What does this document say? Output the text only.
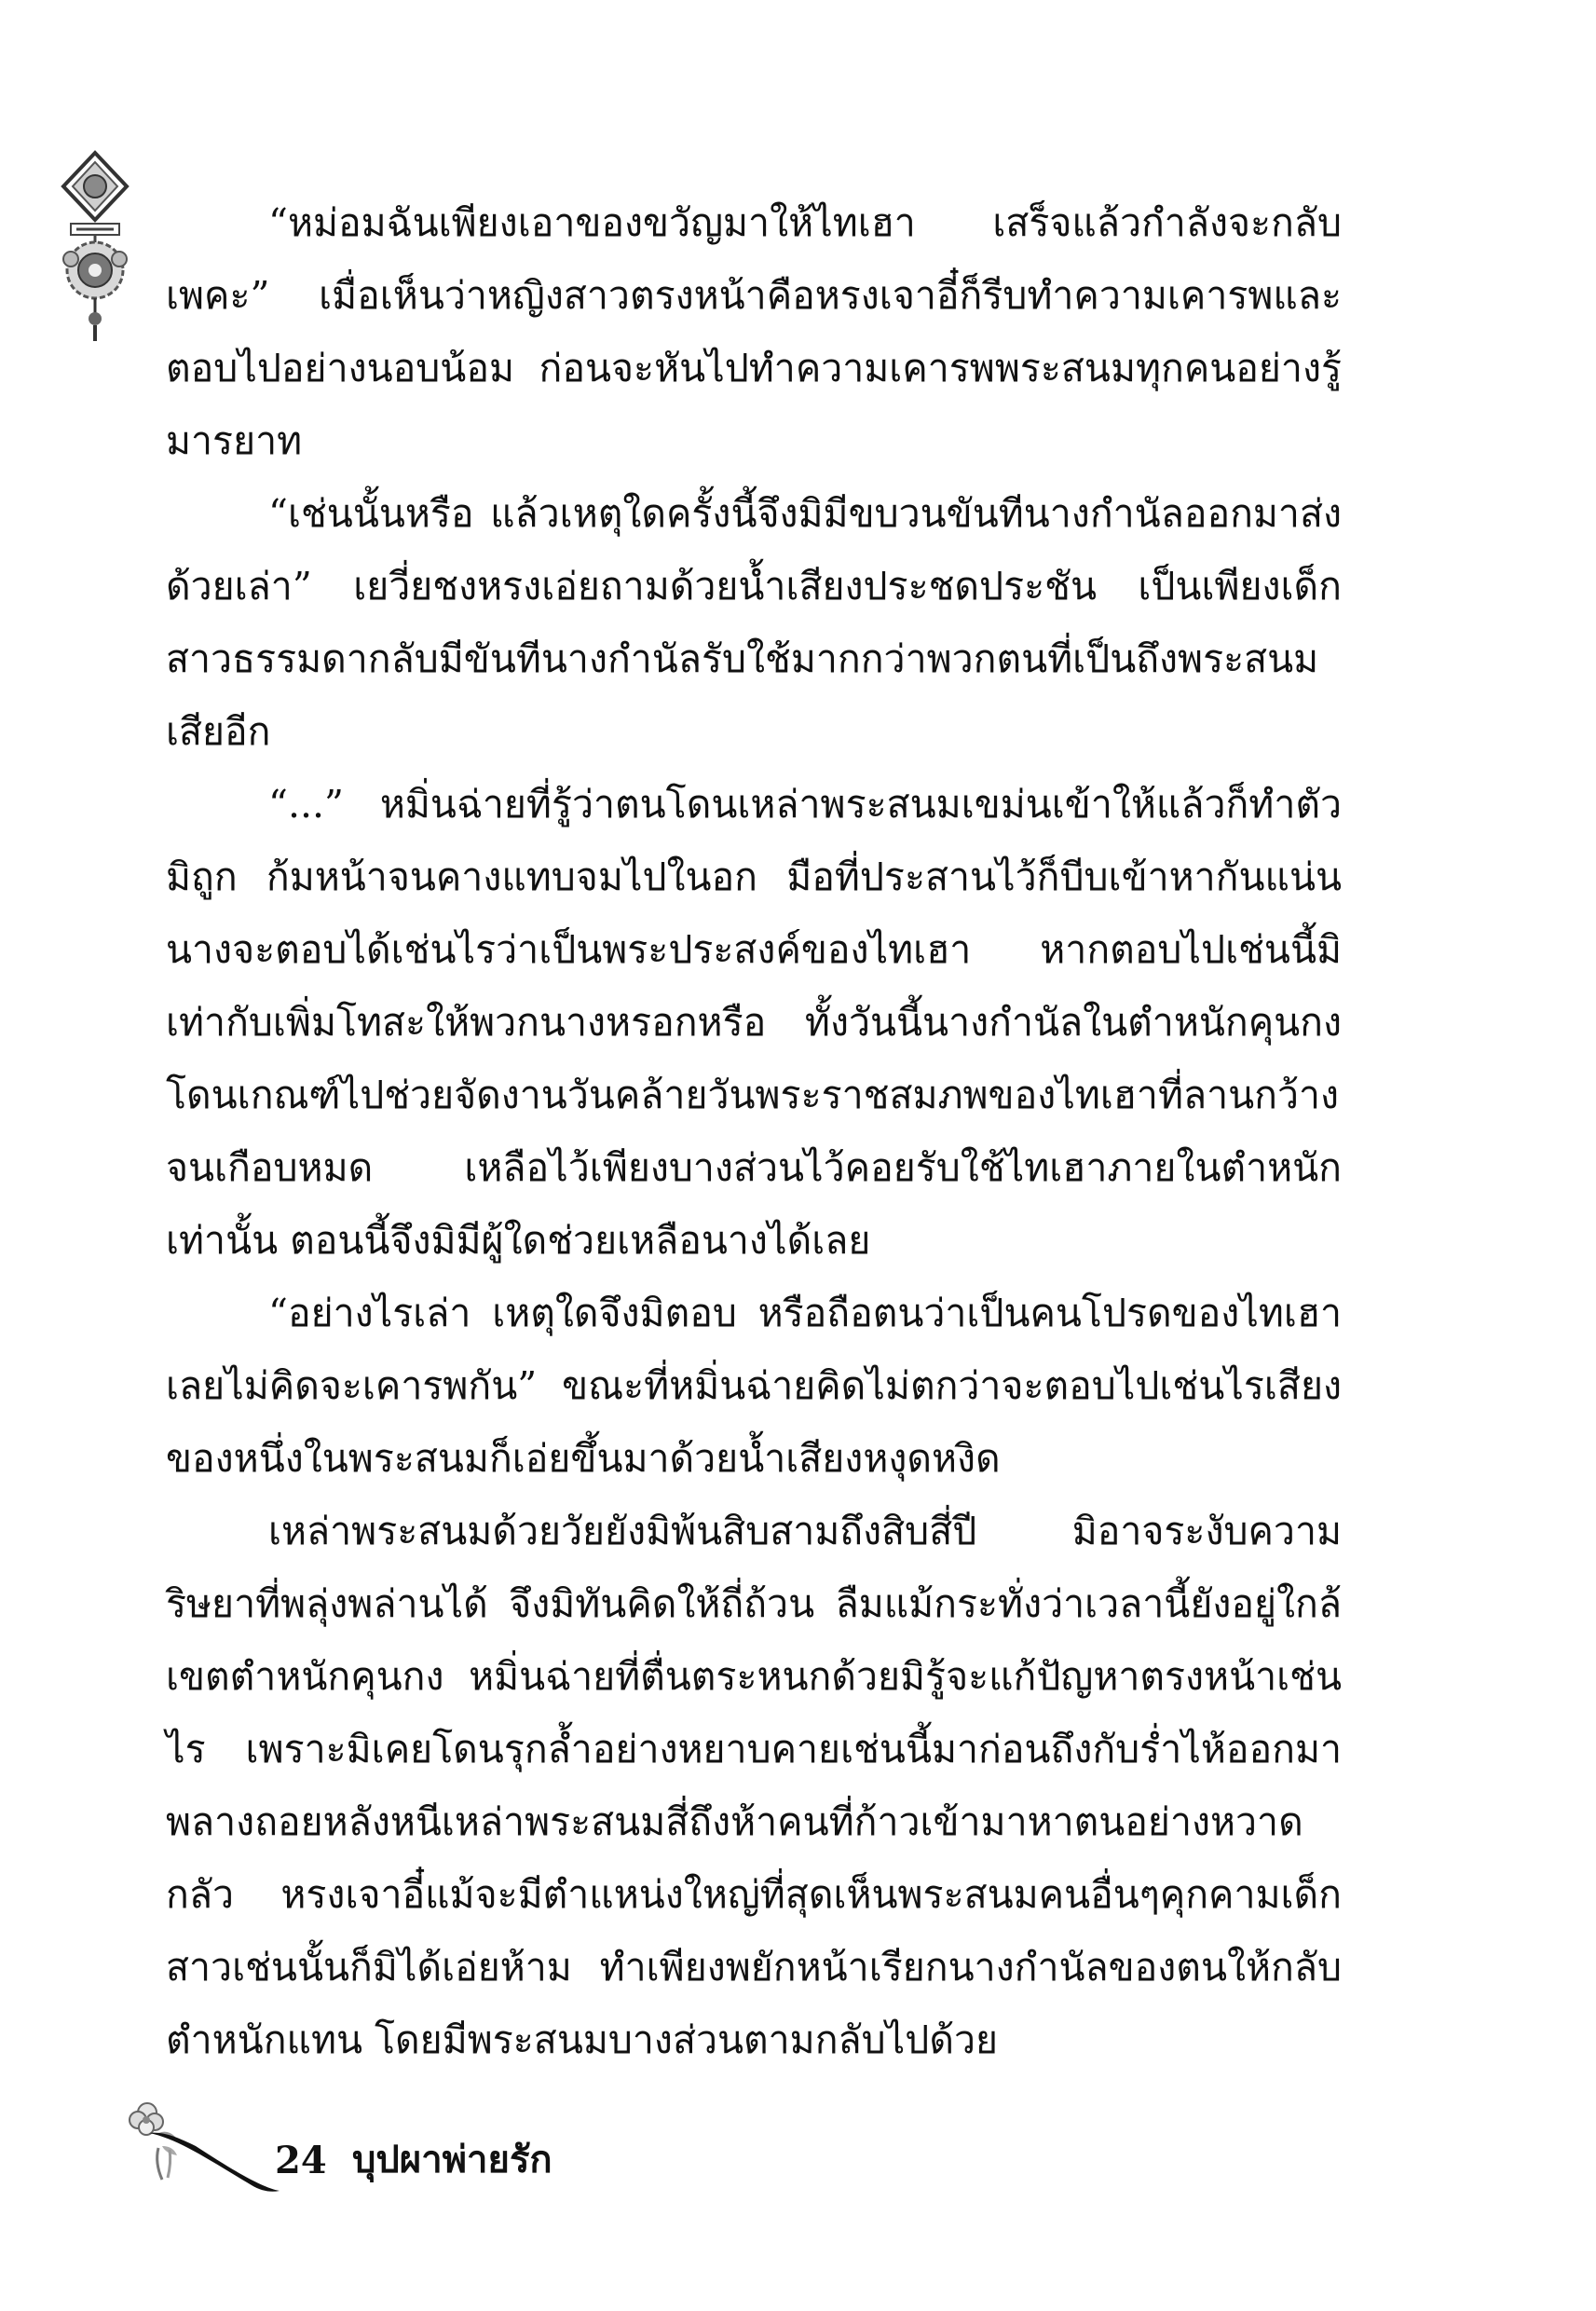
“หม่อมฉันเพียงเอาของขวัญมาให้ไทเฮา เสร็จแล้วกำลังจะกลับเพคะ” เมื่อเห็นว่าหญิงสาวตรงหน้าคือหรงเจาอี๋ก็รีบทำความเคารพและตอบไปอย่างนอบน้อม ก่อนจะหันไปทำความเคารพพระสนมทุกคนอย่างรู้มารยาท

“เช่นนั้นหรือ แล้วเหตุใดครั้งนี้จึงมิมีขบวนขันทีนางกำนัลออกมาส่งด้วยเล่า” เยวี่ยชงหรงเอ่ยถามด้วยน้ำเสียงประชดประชัน เป็นเพียงเด็กสาวธรรมดากลับมีขันทีนางกำนัลรับใช้มากกว่าพวกตนที่เป็นถึงพระสนมเสียอีก

“...” หมิ่นฉ่ายที่รู้ว่าตนโดนเหล่าพระสนมเขม่นเข้าให้แล้วก็ทำตัวมิถูก ก้มหน้าจนคางแทบจมไปในอก มือที่ประสานไว้ก็บีบเข้าหากันแน่นนางจะตอบได้เช่นไรว่าเป็นพระประสงค์ของไทเฮา หากตอบไปเช่นนี้มิเท่ากับเพิ่มโทสะให้พวกนางหรอกหรือ ทั้งวันนี้นางกำนัลในตำหนักคุนกงโดนเกณฑ์ไปช่วยจัดงานวันคล้ายวันพระราชสมภพของไทเฮาที่ลานกว้างจนเกือบหมด เหลือไว้เพียงบางส่วนไว้คอยรับใช้ไทเฮาภายในตำหนักเท่านั้น ตอนนี้จึงมิมีผู้ใดช่วยเหลือนางได้เลย

“อย่างไรเล่า เหตุใดจึงมิตอบ หรือถือตนว่าเป็นคนโปรดของไทเฮาเลยไม่คิดจะเคารพกัน” ขณะที่หมิ่นฉ่ายคิดไม่ตกว่าจะตอบไปเช่นไรเสียงของหนึ่งในพระสนมก็เอ่ยขึ้นมาด้วยน้ำเสียงหงุดหงิด

เหล่าพระสนมด้วยวัยยังมิพ้นสิบสามถึงสิบสี่ปี มิอาจระงับความริษยาที่พลุ่งพล่านได้ จึงมิทันคิดให้ถี่ถ้วน ลืมแม้กระทั่งว่าเวลานี้ยังอยู่ใกล้เขตตำหนักคุนกง หมิ่นฉ่ายที่ตื่นตระหนกด้วยมิรู้จะแก้ปัญหาตรงหน้าเช่นไร เพราะมิเคยโดนรุกล้ำอย่างหยาบคายเช่นนี้มาก่อนถึงกับร่ำไห้ออกมา พลางถอยหลังหนีเหล่าพระสนมสี่ถึงห้าคนที่ก้าวเข้ามาหาตนอย่างหวาดกลัว หรงเจาอี๋แม้จะมีตำแหน่งใหญ่ที่สุดเห็นพระสนมคนอื่นๆคุกคามเด็กสาวเช่นนั้นก็มิได้เอ่ยห้าม ทำเพียงพยักหน้าเรียกนางกำนัลของตนให้กลับตำหนักแทน โดยมีพระสนมบางส่วนตามกลับไปด้วย

24 บุปผาพ่ายรัก
